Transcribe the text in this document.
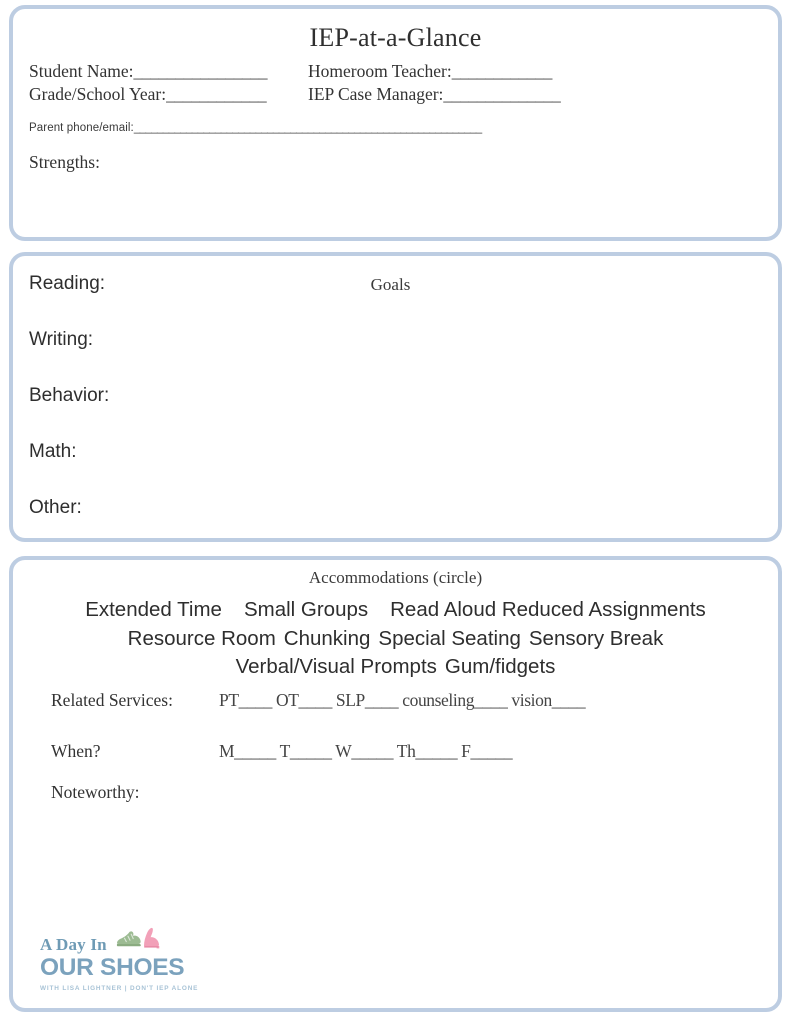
IEP-at-a-Glance
Student Name:________________	Homeroom Teacher:____________
Grade/School Year:____________	IEP Case Manager:______________
Parent phone/email:____________________________________________________________
Strengths:
Goals
Reading:
Writing:
Behavior:
Math:
Other:
Accommodations (circle)
Extended Time Small Groups Read Aloud Reduced Assignments
Resource Room Chunking Special Seating Sensory Break
Verbal/Visual Prompts Gum/fidgets
Related Services:	PT____ OT____ SLP____ counseling____ vision____
When?	M_____ T_____ W_____ Th_____ F_____
Noteworthy:
A Day In
OUR SHOES
WITH LISA LIGHTNER | DON'T IEP ALONE
